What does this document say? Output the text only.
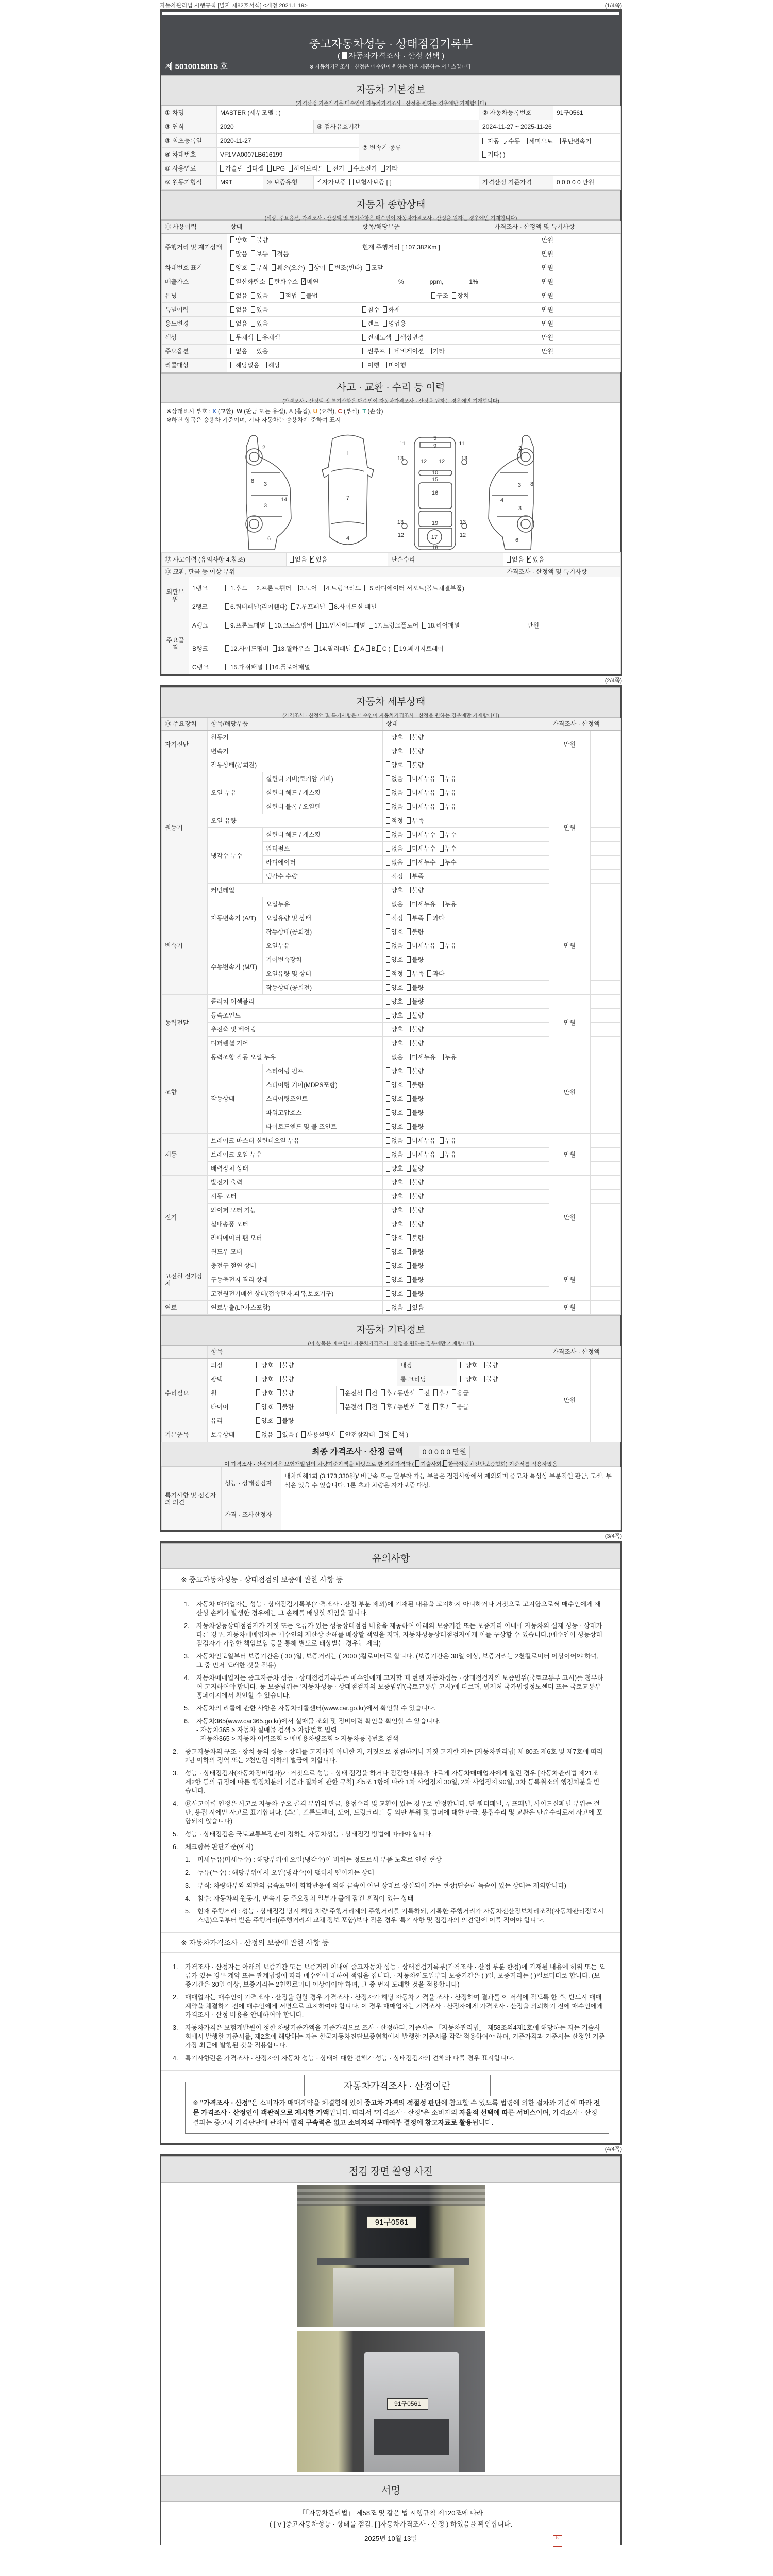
자동차관리법 시행규칙 [별지 제82호서식] <개정 2021.1.19>	(1/4쪽)
중고자동차성능 · 상태점검기록부
( 자동차가격조사 · 산정 선택 )
※ 자동차가격조사 · 산정은 매수인이 원하는 경우 제공하는 서비스입니다.
제 5010015815 호
자동차 기본정보
(가격산정 기준가격은 매수인이 자동차가격조사 · 산정을 원하는 경우에만 기재합니다)
① 차명	MASTER (세부모델 : )				② 자동차등록번호	91구0561
③ 연식	2020		④ 검사유효기간		2024-11-27 ~ 2025-11-26	
⑤ 최초등록일	2020-11-27			⑦ 변속기 종류	자동 ✓ 수동 세미오토 무단변속기기타( )
⑥ 차대번호	VF1MA0007LB616199					
⑧ 사용연료	가솔린 ✓ 디젤 LPG 하이브리드 전기 수소전기 기타
⑨ 원동기형식	M9T	⑩ 보증유형	✓자가보증 보험사보증 [ ]		가격산정 기준가격	0 0 0 0 0 만원
자동차 종합상태
(색상, 주요옵션, 가격조사 · 산정액 및 특기사항은 매수인이 자동차가격조사 · 산정을 원하는 경우에만 기재합니다)
⑪ 사용이력	상태	항목/해당부품	가격조사 · 산정액 및 특기사항	
주행거리 및 계기상태	양호 불량	현재 주행거리 [ 107,382Km ]	만원	
	많음 보통 적음		만원	
차대번호 표기	양호 부식 훼손(오손) 상이 변조(변타) 도말		만원	
배출가스	일산화탄소 탄화수소 ✓ 매연	% ppm, 1%	만원	
튜닝	없음 있음 적법 불법	구조 장치	만원	
특별이력	없음 있음	침수 화재	만원	
용도변경	없음 있음	렌트 영업용	만원	
색상	무채색 유채색	전체도색 색상변경	만원	
주요옵션	없음 있음	썬루프 네비게이션 기타	만원	
리콜대상	해당없음 해당	이행 미이행		
사고 · 교환 · 수리 등 이력
(가격조사 · 산정액 및 특기사항은 매수인이 자동차가격조사 · 산정을 원하는 경우에만 기재합니다)
※상태표시 부호 : X (교환), W (판금 또는 용접), A (흠집), U (요철), C (부식), T (손상)
※하단 항목은 승용차 기준이며, 기타 자동차는 승용차에 준하여 표시
2
8 3
3
14
6
1
7
4
5
9
11	11
13	13
12 12
10
15
16
19
13	13
17
12	12
18
2
8
3
4
3
6
⑫ 사고이력 (유의사항 4.참조)			없음 ✓ 있음	단순수리	없음 ✓ 있음
⑬ 교환, 판금 등 이상 부위					가격조사 · 산정액 및 특기사항	
외판부위	1랭크	1.후드 2.프론트휀더 3.도어 4.트렁크리드 5.라디에이터 서포트(볼트체결부품)			만원	
	2랭크	6.쿼터패널(리어휀다) 7.루프패널 8.사이드실 패널				
주요골격	A랭크	9.프론트패널 10.크로스멤버 11.인사이드패널 17.트렁크플로어 18.리어패널				
	B랭크	12.사이드멤버 13.휠하우스 14.필러패널 ( A, B, C ) 19.패키지트레이				
	C랭크	15.대쉬패널 16.플로어패널				
(2/4쪽)
자동차 세부상태
(가격조사 · 산정액 및 특기사항은 매수인이 자동차가격조사 · 산정을 원하는 경우에만 기재합니다)
⑭ 주요장치	항목/해당부품		상태	가격조사 · 산정액	
자기진단	원동기		양호 불량	만원	
	변속기		양호 불량		
원동기	작동상태(공회전)		양호 불량	만원	
	오일 누유	실린더 커버(로커암 커버)	없음 미세누유 누유		
		실린더 헤드 / 개스킷	없음 미세누유 누유		
		실린더 블록 / 오일팬	없음 미세누유 누유		
	오일 유량		적정 부족		
	냉각수 누수	실린더 헤드 / 개스킷	없음 미세누수 누수		
		워터펌프	없음 미세누수 누수		
		라디에이터	없음 미세누수 누수		
		냉각수 수량	적정 부족		
	커먼레일		양호 불량		
변속기	자동변속기 (A/T)	오일누유	없음 미세누유 누유	만원	
		오일유량 및 상태	적정 부족 과다		
		작동상태(공회전)	양호 불량		
	수동변속기 (M/T)	오일누유	없음 미세누유 누유		
		기어변속장치	양호 불량		
		오일유량 및 상태	적정 부족 과다		
		작동상태(공회전)	양호 불량		
동력전달	클러치 어셈블리		양호 불량	만원	
	등속조인트		양호 불량		
	추진축 및 베어링		양호 불량		
	디퍼렌셜 기어		양호 불량		
조향	동력조향 작동 오일 누유		없음 미세누유 누유	만원	
	작동상태	스티어링 펌프	양호 불량		
		스티어링 기어(MDPS포함)	양호 불량		
		스티어링조인트	양호 불량		
		파워고압호스	양호 불량		
		타이로드엔드 및 볼 조인트	양호 불량		
제동	브레이크 마스터 실린더오일 누유		없음 미세누유 누유	만원	
	브레이크 오일 누유		없음 미세누유 누유		
	배력장치 상태		양호 불량		
전기	발전기 출력		양호 불량	만원	
	시동 모터		양호 불량		
	와이퍼 모터 기능		양호 불량		
	실내송풍 모터		양호 불량		
	라디에이터 팬 모터		양호 불량		
	윈도우 모터		양호 불량		
고전원 전기장치	충전구 절연 상태		양호 불량	만원	
	구동축전지 격리 상태		양호 불량		
	고전원전기배선 상태(접속단자,피복,보호기구)		양호 불량		
연료	연료누출(LP가스포함)		없음 있음	만원	
자동차 기타정보
(이 항목은 매수인이 자동차가격조사 · 산정을 원하는 경우에만 기재합니다)
	항목					가격조사 · 산정액	
수리필요	외장	양호 불량		내장	양호 불량	만원	
	광택	양호 불량		룸 크리닝	양호 불량		
	휠	양호 불량	운전석 전 후 / 동반석 전 후 / 응급				
	타이어	양호 불량	운전석 전 후 / 동반석 전 후 / 응급				
	유리	양호 불량					
기본품목	보유상태	없음 있음 ( 사용설명서 안전삼각대 잭 잭 )					
최종 가격조사 · 산정 금액	0 0 0 0 0 만원
이 가격조사 · 산정가격은 보험개발원의 차량기준가액을 바탕으로 한 기준가격과 ( 기술사회, 한국자동차진단보증협회) 기준서를 적용하였음
특기사항 및 점검자의 의견	성능 · 상태점검자	내차피해1회 (3,173,330원)/ 비금속 또는 탈부착 가능 부품은 점검사항에서 제외되며 중고차 특성상 부분적인 판금, 도색, 부식은 있을 수 있습니다. 1톤 초과 차량은 자가보증 대상.
	가격 · 조사산정자	
(3/4쪽)
유의사항
※ 중고자동차성능 · 상태점검의 보증에 관한 사항 등
1. 자동차 매매업자는 성능 · 상태점검기록부(가격조사 · 산정 부분 제외)에 기재된 내용을 고지하지 아니하거나 거짓으로 고지함으로써 매수인에게 재산상 손해가 발생한 경우에는 그 손해를 배상할 책임을 집니다.
2. 자동차성능상태점검자가 거짓 또는 오류가 있는 성능상태점검 내용을 제공하여 아래의 보증기간 또는 보증거리 이내에 자동차의 실제 성능 · 상태가 다른 경우, 자동차매매업자는 매수인의 재산상 손해를 배상할 책임을 지며, 자동차성능상태점검자에게 이를 구상할 수 있습니다.(매수인이 성능상태점검자가 가입한 책임보험 등을 통해 별도로 배상받는 경우는 제외)
3. 자동차인도일부터 보증기간은 ( 30 )일, 보증거리는 ( 2000 )킬로미터로 합니다. (보증기간은 30일 이상, 보증거리는 2천킬로미터 이상이어야 하며, 그 중 먼저 도래한 것을 적용)
4. 자동차매매업자는 중고자동차 성능 · 상태점검기록부를 매수인에게 고지할 때 현행 자동차성능 · 상태점검자의 보증범위(국토교통부 고시)를 첨부하여 고지하여야 합니다. 동 보증범위는 '자동차성능 · 상태점검자의 보증범위'(국토교통부 고시)에 따르며, 법제처 국가법령정보센터 또는 국토교통부 홈페이지에서 확인할 수 있습니다.
5. 자동차의 리콜에 관한 사항은 자동차리콜센터(www.car.go.kr)에서 확인할 수 있습니다.
6. 자동차365(www.car365.go.kr)에서 실매물 조회 및 정비이력 확인을 확인할 수 있습니다.
- 자동차365 > 자동차 실매물 검색 > 차량번호 입력
- 자동차365 > 자동차 이력조회 > 매매용차량조회 > 자동차등록번호 검색
2. 중고자동차의 구조 · 장치 등의 성능 · 상태를 고지하지 아니한 자, 거짓으로 점검하거나 거짓 고지한 자는 [자동차관리법] 제 80조 제6호 및 제7호에 따라 2년 이하의 징역 또는 2천만원 이하의 벌금에 처합니다.
3. 성능 · 상태점검자(자동차정비업자)가 거짓으로 성능 · 상태 점검을 하거나 점검한 내용과 다르게 자동차매매업자에게 알린 경우 [자동차관리법 제21조 제2항 등의 규정에 따른 행정처분의 기준과 절차에 관한 규칙] 제5조 1항에 따라 1차 사업정지 30일, 2차 사업정지 90일, 3차 등록취소의 행정처분을 받습니다.
4. ⑫사고이력 인정은 사고로 자동차 주요 골격 부위의 판금, 용접수리 및 교환이 있는 경우로 한정합니다. 단 쿼터패널, 루프패널, 사이드실패널 부위는 절단, 용접 시에만 사고로 표기합니다. (후드, 프론트펜더, 도어, 트렁크리드 등 외판 부위 및 범퍼에 대한 판금, 용접수리 및 교환은 단순수리로서 사고에 포함되지 않습니다)
5. 성능 · 상태점검은 국토교통부장관이 정하는 자동차성능 · 상태점검 방법에 따라야 합니다.
6. 체크항목 판단기준(예시)
1. 미세누유(미세누수) : 해당부위에 오일(냉각수)이 비치는 정도로서 부품 노후로 인한 현상
2. 누유(누수) : 해당부위에서 오일(냉각수)이 맺혀서 떨어지는 상태
3. 부식: 차량하부와 외판의 금속표면이 화학반응에 의해 금속이 아닌 상태로 상실되어 가는 현상(단순히 녹슬어 있는 상태는 제외합니다)
4. 침수: 자동차의 원동기, 변속기 등 주요장치 일부가 물에 잠긴 흔적이 있는 상태
5. 현재 주행거리 : 성능 · 상태점검 당시 해당 차량 주행거리계의 주행거리를 기록하되, 기록한 주행거리가 자동차전산정보처리조직(자동차관리정보시스템)으로부터 받은 주행거리(주행거리계 교체 정보 포함)보다 적은 경우 '특기사항 및 점검자의 의견'란에 이를 적어야 합니다.
※ 자동차가격조사 · 산정의 보증에 관한 사항 등
1. 가격조사 · 산정자는 아래의 보증기간 또는 보증거리 이내에 중고자동차 성능 · 상태점검기록부(가격조사 · 산정 부분 한정)에 기재된 내용에 허위 또는 오류가 있는 경우 계약 또는 관계법령에 따라 매수인에 대하여 책임을 집니다. · 자동차인도일부터 보증기간은 ( )일, 보증거리는 ( )킬로미터로 합니다. (보증기간은 30일 이상, 보증거리는 2천킬로미터 이상이어야 하며, 그 중 먼저 도래한 것을 적용합니다)
2. 매매업자는 매수인이 가격조사 · 산정을 원할 경우 가격조사 · 산정자가 해당 자동차 가격을 조사 · 산정하여 결과를 이 서식에 적도록 한 후, 반드시 매매계약을 체결하기 전에 매수인에게 서면으로 고지하여야 합니다. 이 경우 매매업자는 가격조사 · 산정자에게 가격조사 · 산정을 의뢰하기 전에 매수인에게 가격조사 · 산정 비용을 안내하여야 합니다.
3. 자동차가격은 보험개발원이 정한 차량기준가액을 기준가격으로 조사 · 산정하되, 기준서는 「자동차관리법」 제58조의4제1호에 해당하는 자는 기술사회에서 발행한 기준서를, 제2호에 해당하는 자는 한국자동차진단보증협회에서 발행한 기준서를 각각 적용하여야 하며, 기준가격과 기준서는 산정일 기준 가장 최근에 발행된 것을 적용합니다.
4. 특기사항란은 가격조사 · 산정자의 자동차 성능 · 상태에 대한 견해가 성능 · 상태점검자의 견해와 다를 경우 표시합니다.
자동차가격조사 · 산정이란
※ "가격조사 · 산정"은 소비자가 매매계약을 체결함에 있어 중고차 가격의 적절성 판단에 참고할 수 있도록 법령에 의한 절차와 기준에 따라 전문 가격조사 · 산정인이 객관적으로 제시한 가액입니다. 따라서 "가격조사 · 산정"은 소비자의 자율적 선택에 따른 서비스이며, 가격조사 · 산정 결과는 중고차 가격판단에 관하여 법적 구속력은 없고 소비자의 구매여부 결정에 참고자료로 활용됩니다.
(4/4쪽)
점검 장면 촬영 사진
91구0561
91구0561
서명
「「자동차관리법」 제58조 및 같은 법 시행규칙 제120조에 따라
( [ V ]중고자동차성능 · 상태를 점검, [ ]자동차가격조사 · 산정 ) 하였음을 확인합니다.
2025년 10월 13일	印
